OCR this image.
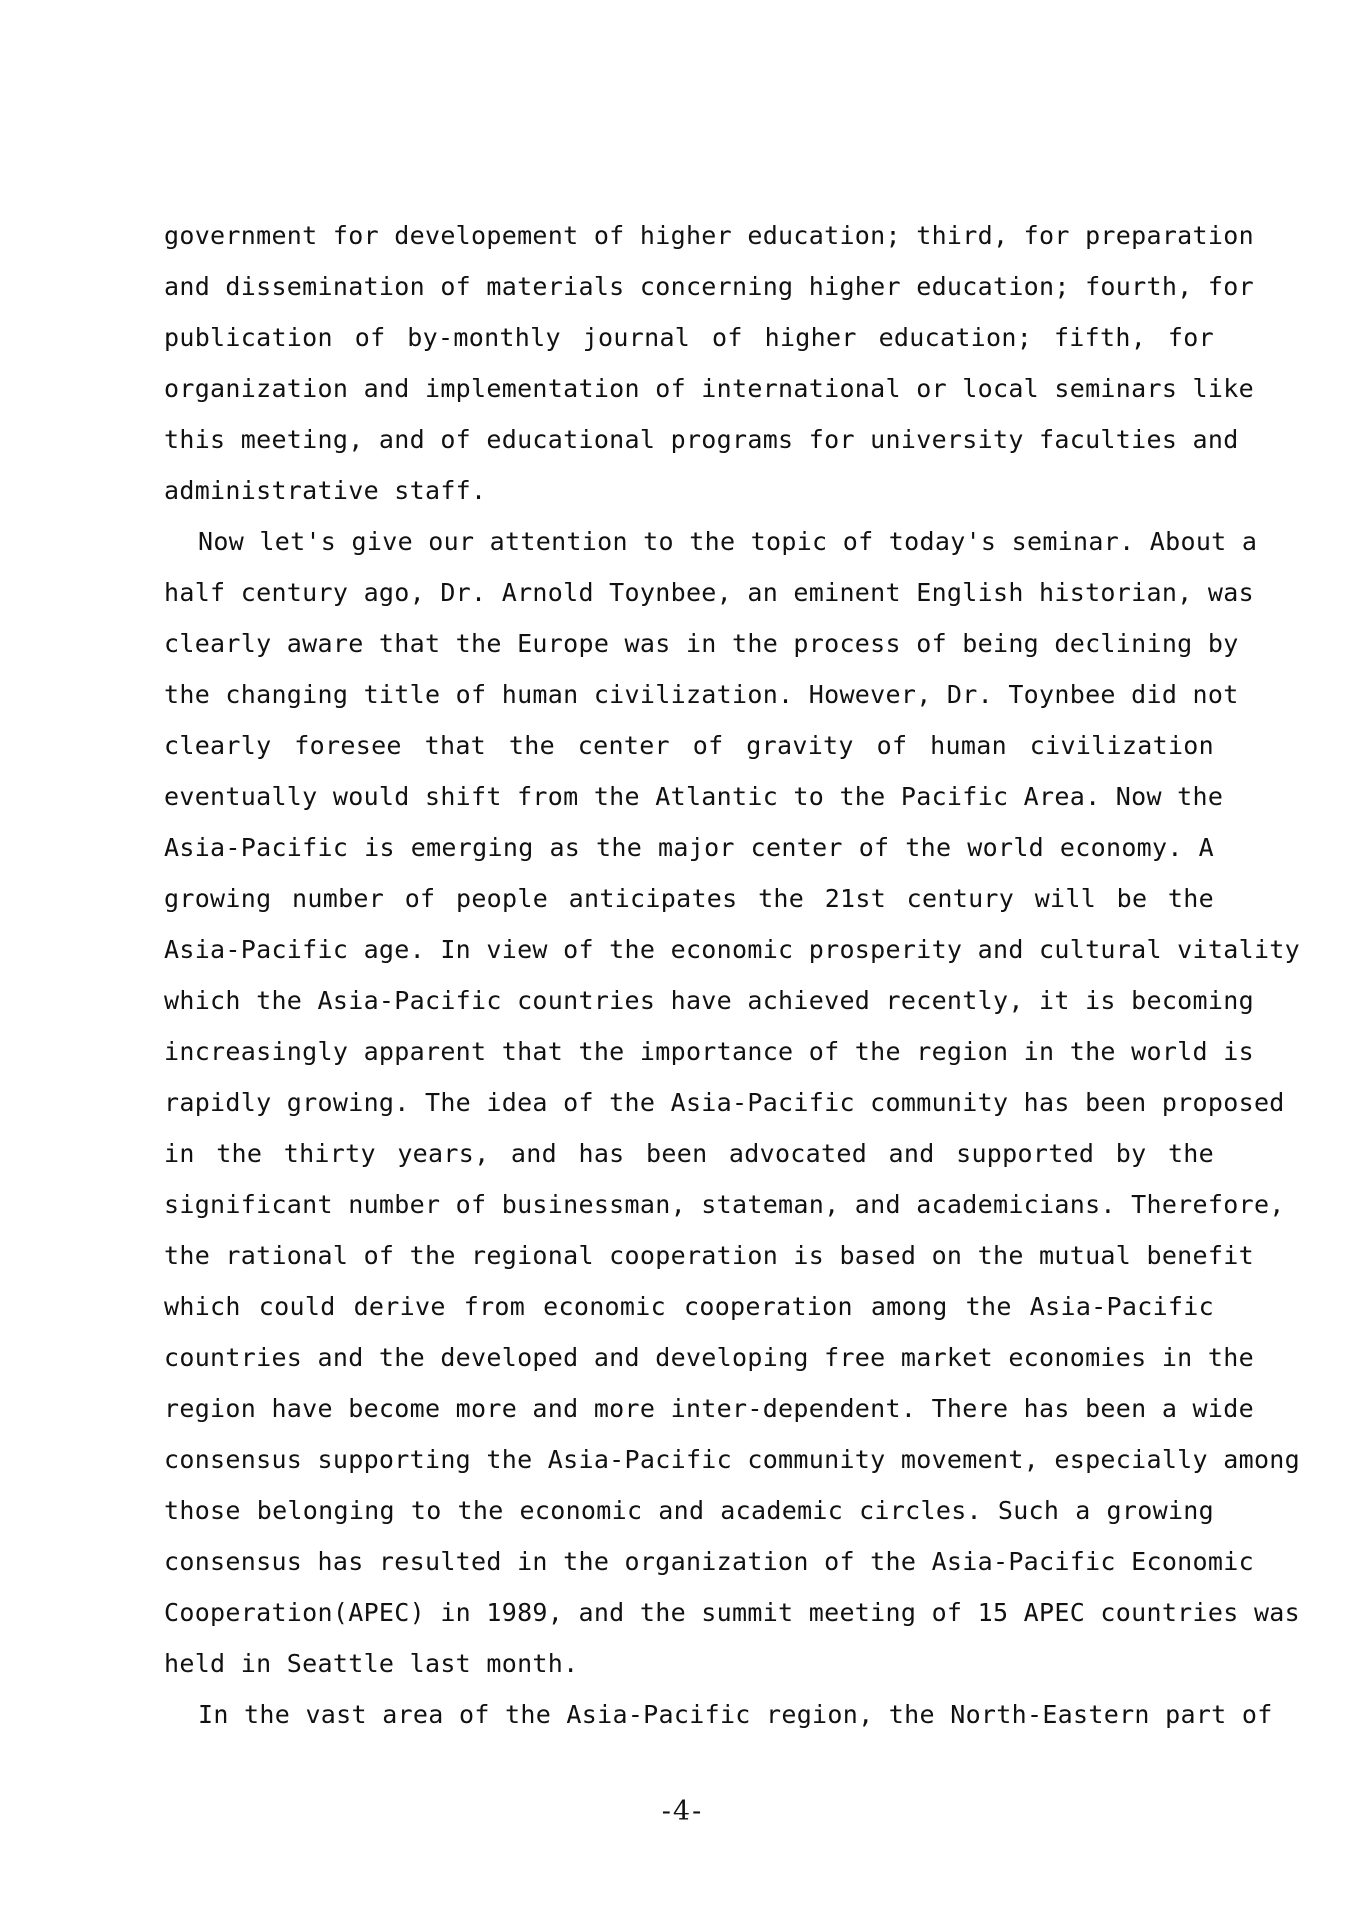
government for developement of higher education; third, for preparation
and dissemination of materials concerning higher education; fourth, for
publication of by-monthly journal of higher education; fifth, for
organization and implementation of international or local seminars like
this meeting, and of educational programs for university faculties and
administrative staff.
Now let's give our attention to the topic of today's seminar. About a
half century ago, Dr. Arnold Toynbee, an eminent English historian, was
clearly aware that the Europe was in the process of being declining by
the changing title of human civilization. However, Dr. Toynbee did not
clearly foresee that the center of gravity of human civilization
eventually would shift from the Atlantic to the Pacific Area. Now the
Asia-Pacific is emerging as the major center of the world economy. A
growing number of people anticipates the 21st century will be the
Asia-Pacific age. In view of the economic prosperity and cultural vitality
which the Asia-Pacific countries have achieved recently, it is becoming
increasingly apparent that the importance of the region in the world is
rapidly growing. The idea of the Asia-Pacific community has been proposed
in the thirty years, and has been advocated and supported by the
significant number of businessman, stateman, and academicians. Therefore,
the rational of the regional cooperation is based on the mutual benefit
which could derive from economic cooperation among the Asia-Pacific
countries and the developed and developing free market economies in the
region have become more and more inter-dependent. There has been a wide
consensus supporting the Asia-Pacific community movement, especially among
those belonging to the economic and academic circles. Such a growing
consensus has resulted in the organization of the Asia-Pacific Economic
Cooperation(APEC) in 1989, and the summit meeting of 15 APEC countries was
held in Seattle last month.
In the vast area of the Asia-Pacific region, the North-Eastern part of
-4-
